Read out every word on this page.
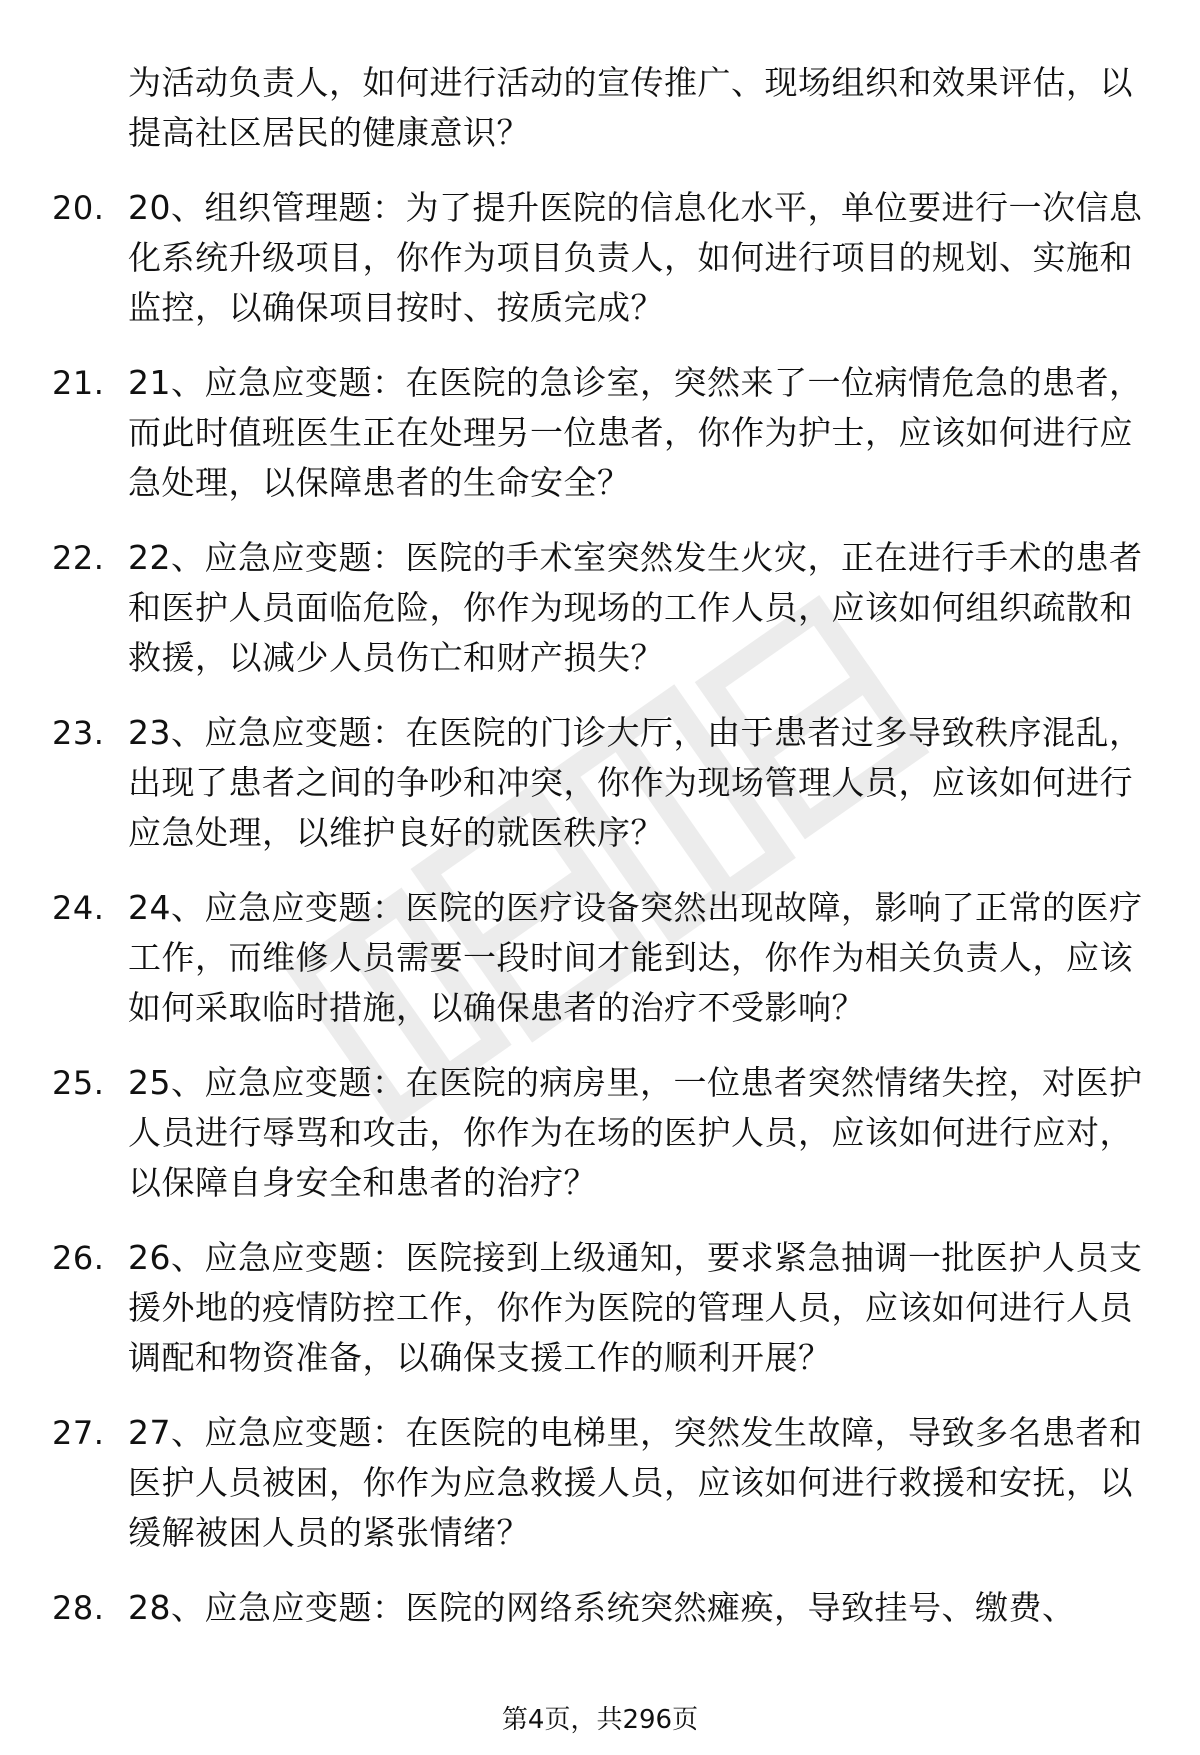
为活动负责人，如何进行活动的宣传推广、现场组织和效果评估，以提高社区居民的健康意识？
20. 20、组织管理题：为了提升医院的信息化水平，单位要进行一次信息化系统升级项目，你作为项目负责人，如何进行项目的规划、实施和监控，以确保项目按时、按质完成？
21. 21、应急应变题：在医院的急诊室，突然来了一位病情危急的患者，而此时值班医生正在处理另一位患者，你作为护士，应该如何进行应急处理，以保障患者的生命安全？
22. 22、应急应变题：医院的手术室突然发生火灾，正在进行手术的患者和医护人员面临危险，你作为现场的工作人员，应该如何组织疏散和救援，以减少人员伤亡和财产损失？
23. 23、应急应变题：在医院的门诊大厅，由于患者过多导致秩序混乱，出现了患者之间的争吵和冲突，你作为现场管理人员，应该如何进行应急处理，以维护良好的就医秩序？
24. 24、应急应变题：医院的医疗设备突然出现故障，影响了正常的医疗工作，而维修人员需要一段时间才能到达，你作为相关负责人，应该如何采取临时措施，以确保患者的治疗不受影响？
25. 25、应急应变题：在医院的病房里，一位患者突然情绪失控，对医护人员进行辱骂和攻击，你作为在场的医护人员，应该如何进行应对，以保障自身安全和患者的治疗？
26. 26、应急应变题：医院接到上级通知，要求紧急抽调一批医护人员支援外地的疫情防控工作，你作为医院的管理人员，应该如何进行人员调配和物资准备，以确保支援工作的顺利开展？
27. 27、应急应变题：在医院的电梯里，突然发生故障，导致多名患者和医护人员被困，你作为应急救援人员，应该如何进行救援和安抚，以缓解被困人员的紧张情绪？
28. 28、应急应变题：医院的网络系统突然瘫痪，导致挂号、缴费、
第4页，共296页
